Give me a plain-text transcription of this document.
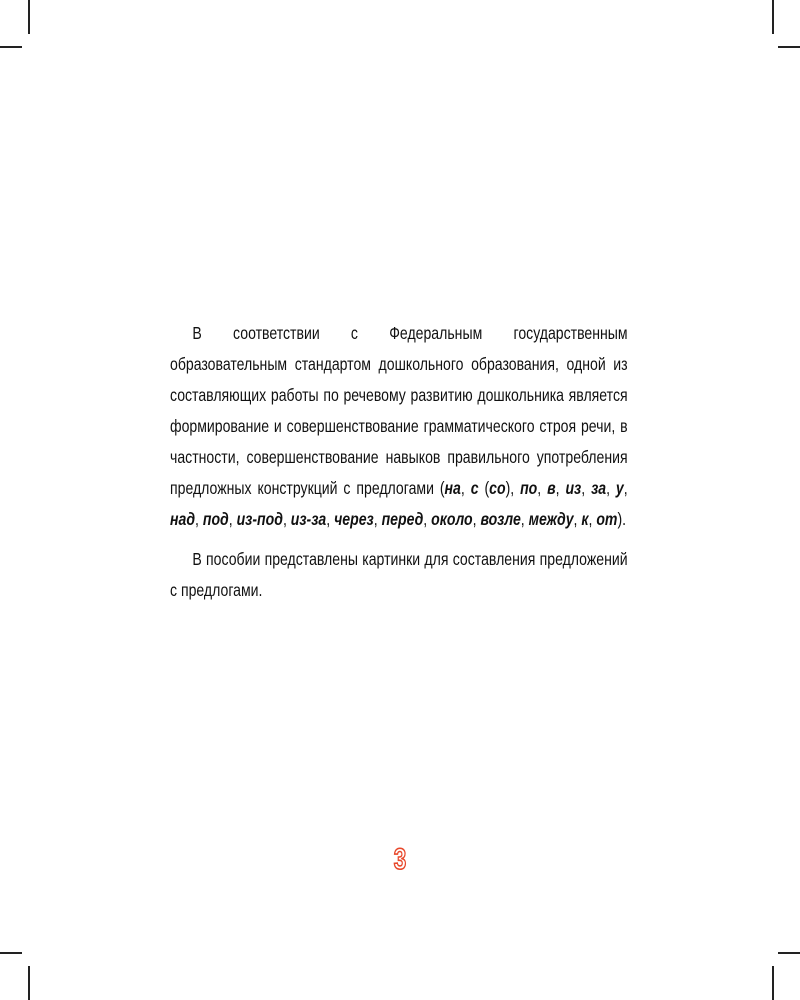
В соответствии с Федеральным государственным образовательным стандартом дошкольного образования, одной из составляющих работы по речевому развитию дошкольника является формирование и совершенствование грамматического строя речи, в частности, совершенствование навыков правильного употребления предложных конструкций с предлогами (на, с (со), по, в, из, за, у, над, под, из-под, из-за, через, перед, около, возле, между, к, от).

В пособии представлены картинки для составления предложений с предлогами.

3
